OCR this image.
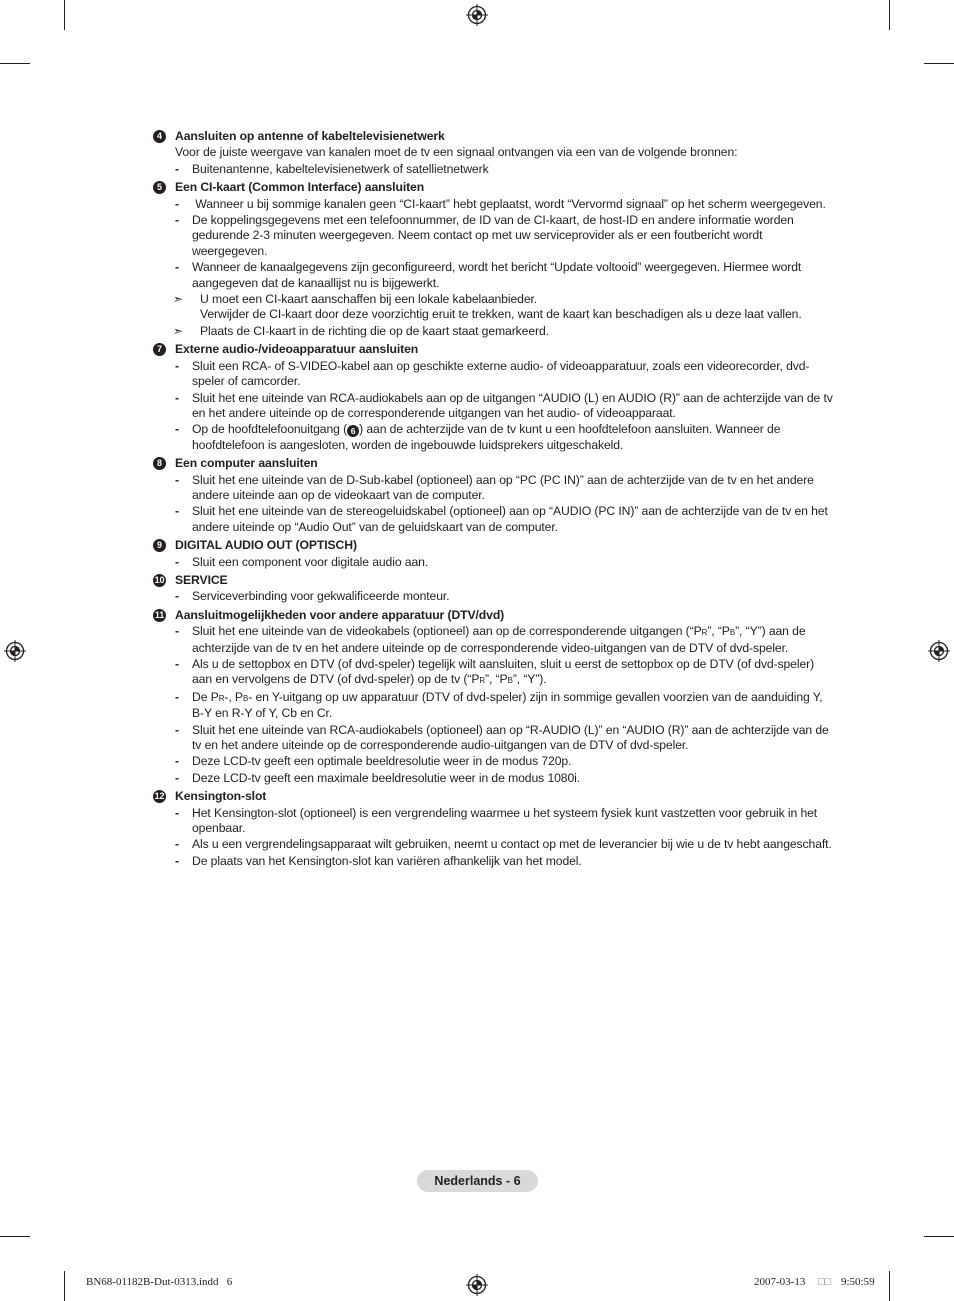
4	Aansluiten op antenne of kabeltelevisienetwerk
Voor de juiste weergave van kanalen moet de tv een signaal ontvangen via een van de volgende bronnen:
- Buitenantenne, kabeltelevisienetwerk of satellietnetwerk
5	Een CI-kaart (Common Interface) aansluiten
- Wanneer u bij sommige kanalen geen “CI-kaart” hebt geplaatst, wordt “Vervormd signaal” op het scherm weergegeven.
- De koppelingsgegevens met een telefoonnummer, de ID van de CI-kaart, de host-ID en andere informatie worden gedurende 2-3 minuten weergegeven. Neem contact op met uw serviceprovider als er een foutbericht wordt weergegeven.
- Wanneer de kanaalgegevens zijn geconfigureerd, wordt het bericht “Update voltooid” weergegeven. Hiermee wordt aangegeven dat de kanaallijst nu is bijgewerkt.
➣ U moet een CI-kaart aanschaffen bij een lokale kabelaanbieder.
Verwijder de CI-kaart door deze voorzichtig eruit te trekken, want de kaart kan beschadigen als u deze laat vallen.
➣ Plaats de CI-kaart in de richting die op de kaart staat gemarkeerd.
7	Externe audio-/videoapparatuur aansluiten
- Sluit een RCA- of S-VIDEO-kabel aan op geschikte externe audio- of videoapparatuur, zoals een videorecorder, dvd-speler of camcorder.
- Sluit het ene uiteinde van RCA-audiokabels aan op de uitgangen “AUDIO (L) en AUDIO (R)” aan de achterzijde van de tv en het andere uiteinde op de corresponderende uitgangen van het audio- of videoapparaat.
- Op de hoofdtelefoonuitgang ( 6 ) aan de achterzijde van de tv kunt u een hoofdtelefoon aansluiten. Wanneer de hoofdtelefoon is aangesloten, worden de ingebouwde luidsprekers uitgeschakeld.
8	Een computer aansluiten
- Sluit het ene uiteinde van de D-Sub-kabel (optioneel) aan op “PC (PC IN)” aan de achterzijde van de tv en het andere andere uiteinde aan op de videokaart van de computer.
- Sluit het ene uiteinde van de stereogeluidskabel (optioneel) aan op “AUDIO (PC IN)” aan de achterzijde van de tv en het andere uiteinde op “Audio Out” van de geluidskaart van de computer.
9	DIGITAL AUDIO OUT (OPTISCH)
- Sluit een component voor digitale audio aan.
10 SERVICE
- Serviceverbinding voor gekwalificeerde monteur.
11 Aansluitmogelijkheden voor andere apparatuur (DTV/dvd)
- Sluit het ene uiteinde van de videokabels (optioneel) aan op de corresponderende uitgangen (“PR”, “PB”, “Y”) aan de achterzijde van de tv en het andere uiteinde op de corresponderende video-uitgangen van de DTV of dvd-speler.
- Als u de settopbox en DTV (of dvd-speler) tegelijk wilt aansluiten, sluit u eerst de settopbox op de DTV (of dvd-speler) aan en vervolgens de DTV (of dvd-speler) op de tv (“PR”, “PB”, “Y”).
- De PR-, PB- en Y-uitgang op uw apparatuur (DTV of dvd-speler) zijn in sommige gevallen voorzien van de aanduiding Y, B-Y en R-Y of Y, Cb en Cr.
- Sluit het ene uiteinde van RCA-audiokabels (optioneel) aan op “R-AUDIO (L)” en “AUDIO (R)” aan de achterzijde van de tv en het andere uiteinde op de corresponderende audio-uitgangen van de DTV of dvd-speler.
- Deze LCD-tv geeft een optimale beeldresolutie weer in de modus 720p.
- Deze LCD-tv geeft een maximale beeldresolutie weer in de modus 1080i.
12 Kensington-slot
- Het Kensington-slot (optioneel) is een vergrendeling waarmee u het systeem fysiek kunt vastzetten voor gebruik in het openbaar.
- Als u een vergrendelingsapparaat wilt gebruiken, neemt u contact op met de leverancier bij wie u de tv hebt aangeschaft.
- De plaats van het Kensington-slot kan variëren afhankelijk van het model.
Nederlands - 6
BN68-01182B-Dut-0313.indd   6	2007-03-13 □□ 9:50:59
